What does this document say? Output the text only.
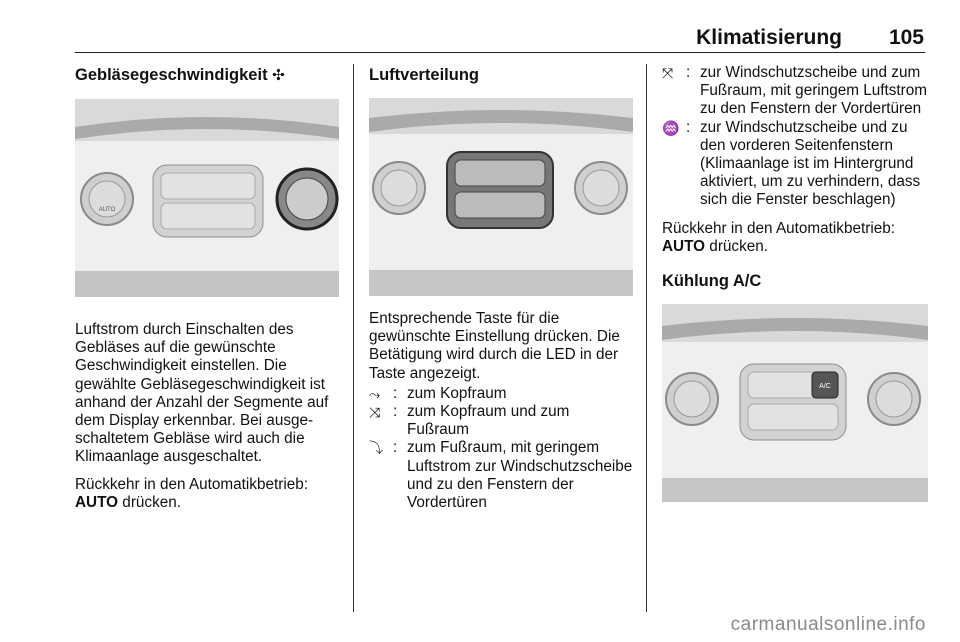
Klimatisierung 105
Gebläsegeschwindigkeit ✣
AUTO

Luftstrom durch Einschalten des Gebläses auf die gewünschte Geschwindigkeit einstellen. Die gewählte Gebläsegeschwindigkeit ist anhand der Anzahl der Segmente auf dem Display erkennbar. Bei ausgeschaltetem Gebläse wird auch die Klimaanlage ausgeschaltet.

Rückkehr in den Automatikbetrieb:
AUTO drücken.

Luftverteilung

Entsprechende Taste für die gewünschte Einstellung drücken. Die Betätigung wird durch die LED in der Taste angezeigt.

⤳ : zum Kopfraum
⤨ : zum Kopfraum und zum Fußraum
⤵ : zum Fußraum, mit geringem Luftstrom zur Windschutzscheibe und zu den Fenstern der Vordertüren
⤧ : zur Windschutzscheibe und zum Fußraum, mit geringem Luftstrom zu den Fenstern der Vordertüren
♒ : zur Windschutzscheibe und zu den vorderen Seitenfenstern (Klimaanlage ist im Hintergrund aktiviert, um zu verhindern, dass sich die Fenster beschlagen)

Rückkehr in den Automatikbetrieb:
AUTO drücken.

Kühlung A/C
A/C
carmanualsonline.info
